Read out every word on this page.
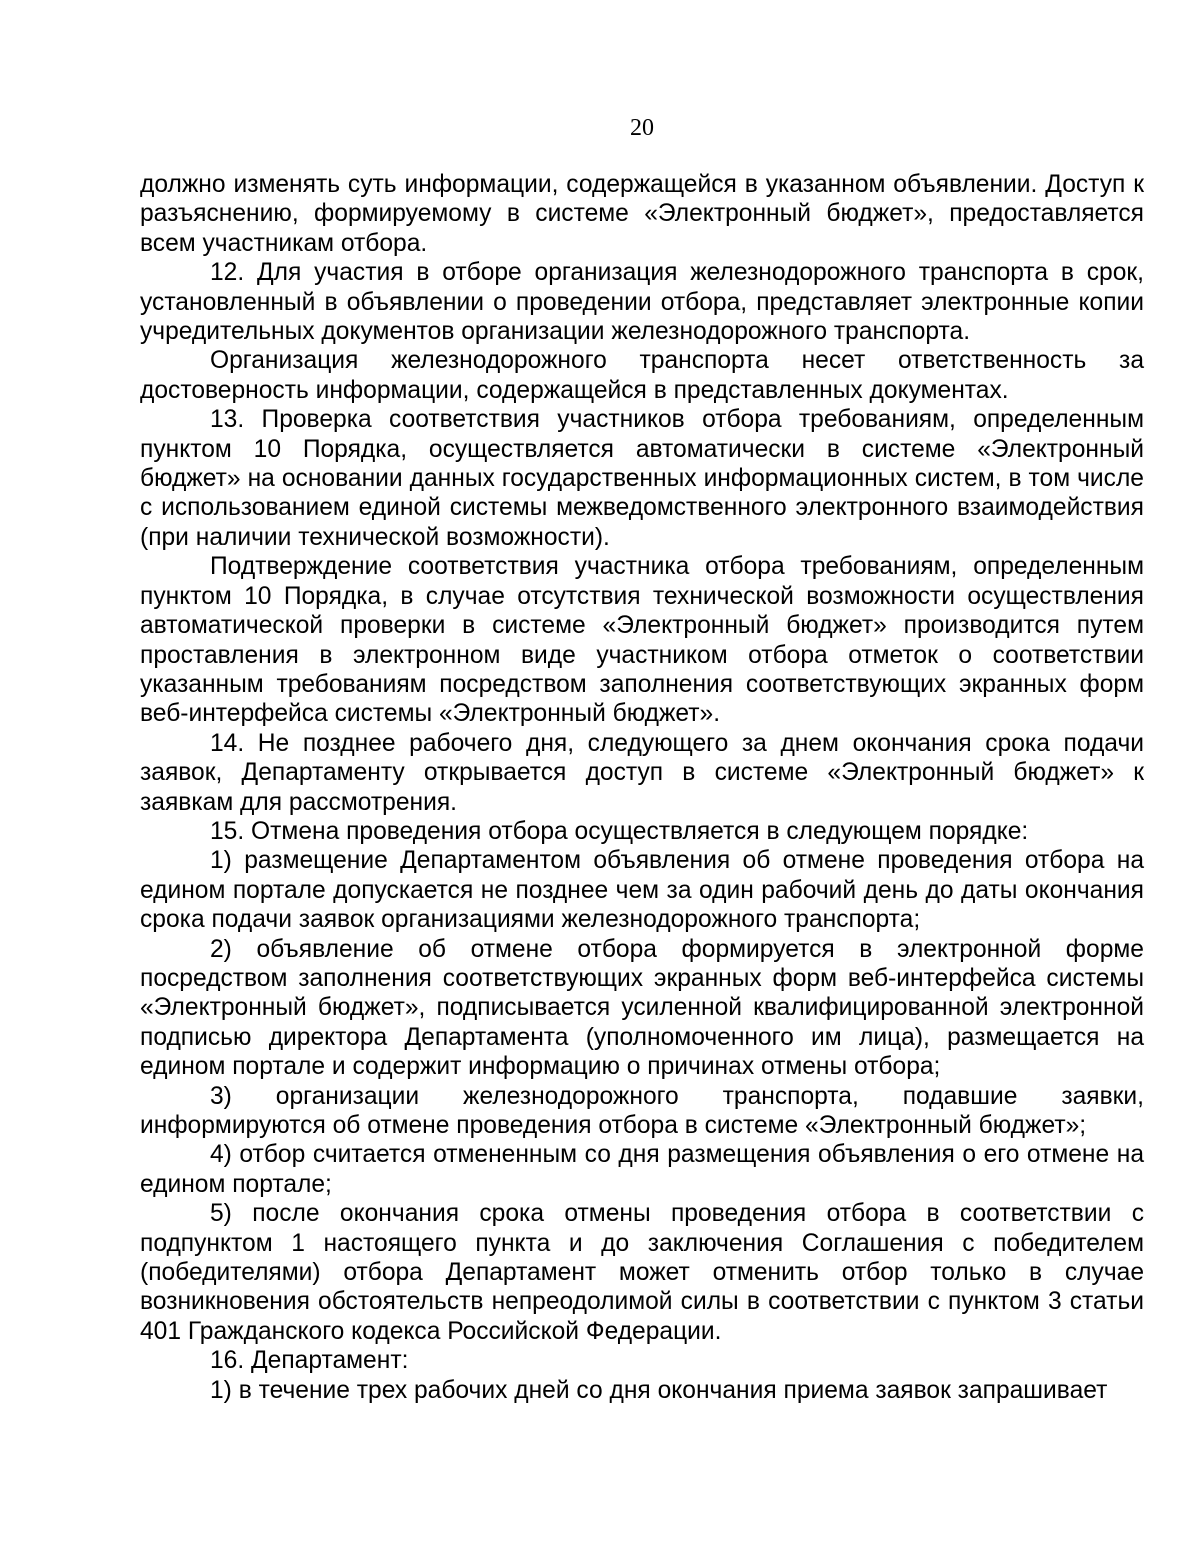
20

должно изменять суть информации, содержащейся в указанном объявлении. Доступ к разъяснению, формируемому в системе «Электронный бюджет», предоставляется всем участникам отбора.

12. Для участия в отборе организация железнодорожного транспорта в срок, установленный в объявлении о проведении отбора, представляет электронные копии учредительных документов организации железнодорожного транспорта.

Организация железнодорожного транспорта несет ответственность за достоверность информации, содержащейся в представленных документах.

13. Проверка соответствия участников отбора требованиям, определенным пунктом 10 Порядка, осуществляется автоматически в системе «Электронный бюджет» на основании данных государственных информационных систем, в том числе с использованием единой системы межведомственного электронного взаимодействия (при наличии технической возможности).

Подтверждение соответствия участника отбора требованиям, определенным пунктом 10 Порядка, в случае отсутствия технической возможности осуществления автоматической проверки в системе «Электронный бюджет» производится путем проставления в электронном виде участником отбора отметок о соответствии указанным требованиям посредством заполнения соответствующих экранных форм веб-интерфейса системы «Электронный бюджет».

14. Не позднее рабочего дня, следующего за днем окончания срока подачи заявок, Департаменту открывается доступ в системе «Электронный бюджет» к заявкам для рассмотрения.

15. Отмена проведения отбора осуществляется в следующем порядке:

1) размещение Департаментом объявления об отмене проведения отбора на едином портале допускается не позднее чем за один рабочий день до даты окончания срока подачи заявок организациями железнодорожного транспорта;

2) объявление об отмене отбора формируется в электронной форме посредством заполнения соответствующих экранных форм веб-интерфейса системы «Электронный бюджет», подписывается усиленной квалифицированной электронной подписью директора Департамента (уполномоченного им лица), размещается на едином портале и содержит информацию о причинах отмены отбора;

3) организации железнодорожного транспорта, подавшие заявки, информируются об отмене проведения отбора в системе «Электронный бюджет»;

4) отбор считается отмененным со дня размещения объявления о его отмене на едином портале;

5) после окончания срока отмены проведения отбора в соответствии с подпунктом 1 настоящего пункта и до заключения Соглашения с победителем (победителями) отбора Департамент может отменить отбор только в случае возникновения обстоятельств непреодолимой силы в соответствии с пунктом 3 статьи 401 Гражданского кодекса Российской Федерации.

16. Департамент:

1) в течение трех рабочих дней со дня окончания приема заявок запрашивает
